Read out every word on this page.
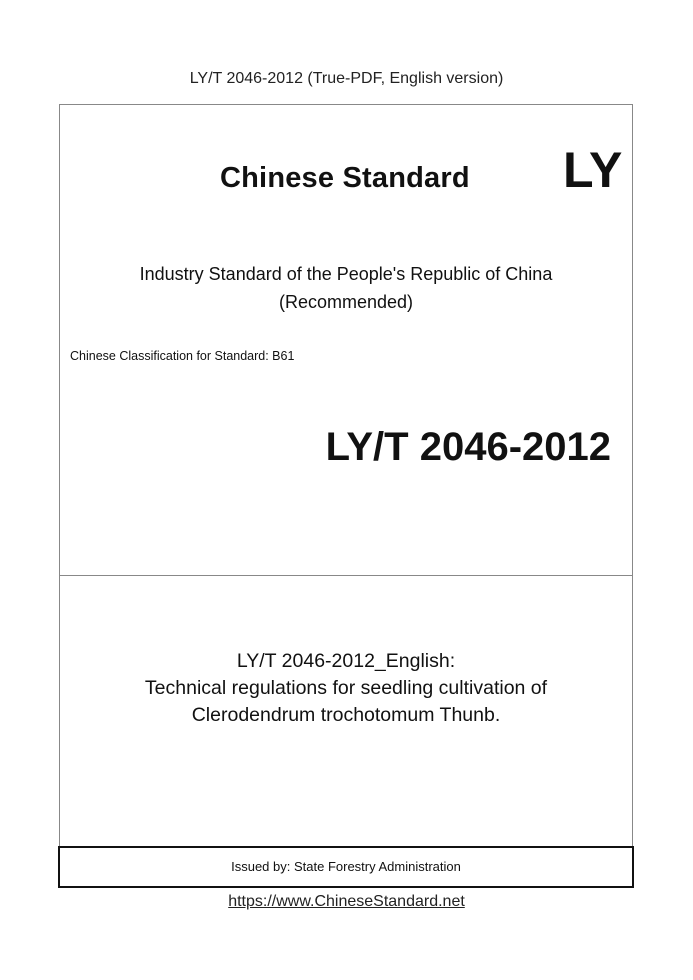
LY/T 2046-2012 (True-PDF, English version)
Chinese Standard LY
Industry Standard of the People's Republic of China
(Recommended)
Chinese Classification for Standard: B61
LY/T 2046-2012
LY/T 2046-2012_English:
Technical regulations for seedling cultivation of
Clerodendrum trochotomum Thunb.
Issued by: State Forestry Administration
https://www.ChineseStandard.net
